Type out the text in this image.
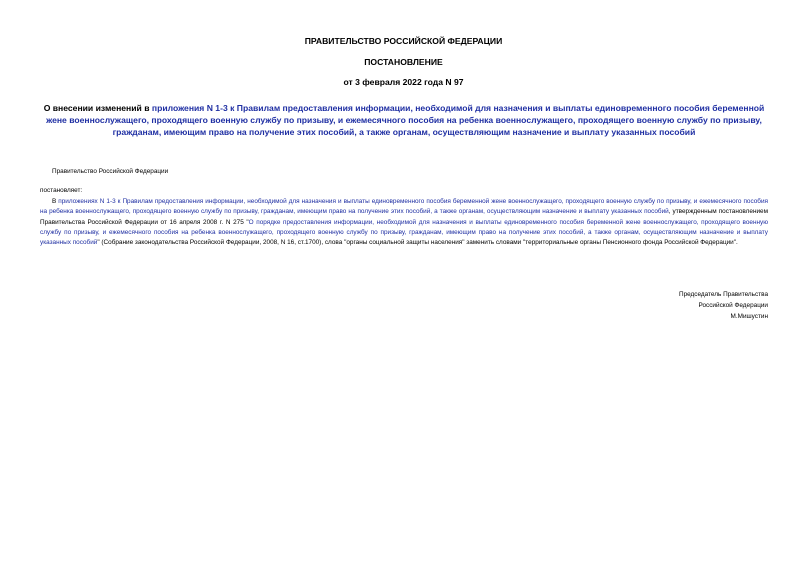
ПРАВИТЕЛЬСТВО РОССИЙСКОЙ ФЕДЕРАЦИИ
ПОСТАНОВЛЕНИЕ
от 3 февраля 2022 года N 97
О внесении изменений в приложения N 1-3 к Правилам предоставления информации, необходимой для назначения и выплаты единовременного пособия беременной жене военнослужащего, проходящего военную службу по призыву, и ежемесячного пособия на ребенка военнослужащего, проходящего военную службу по призыву, гражданам, имеющим право на получение этих пособий, а также органам, осуществляющим назначение и выплату указанных пособий
Правительство Российской Федерации
постановляет:
В приложениях N 1-3 к Правилам предоставления информации, необходимой для назначения и выплаты единовременного пособия беременной жене военнослужащего, проходящего военную службу по призыву, и ежемесячного пособия на ребенка военнослужащего, проходящего военную службу по призыву, гражданам, имеющим право на получение этих пособий, а также органам, осуществляющим назначение и выплату указанных пособий, утвержденным постановлением Правительства Российской Федерации от 16 апреля 2008 г. N 275 "О порядке предоставления информации, необходимой для назначения и выплаты единовременного пособия беременной жене военнослужащего, проходящего военную службу по призыву, и ежемесячного пособия на ребенка военнослужащего, проходящего военную службу по призыву, гражданам, имеющим право на получение этих пособий, а также органам, осуществляющим назначение и выплату указанных пособий" (Собрание законодательства Российской Федерации, 2008, N 16, ст.1700), слова "органы социальной защиты населения" заменить словами "территориальные органы Пенсионного фонда Российской Федерации".
Председатель Правительства
Российской Федерации
М.Мишустин
